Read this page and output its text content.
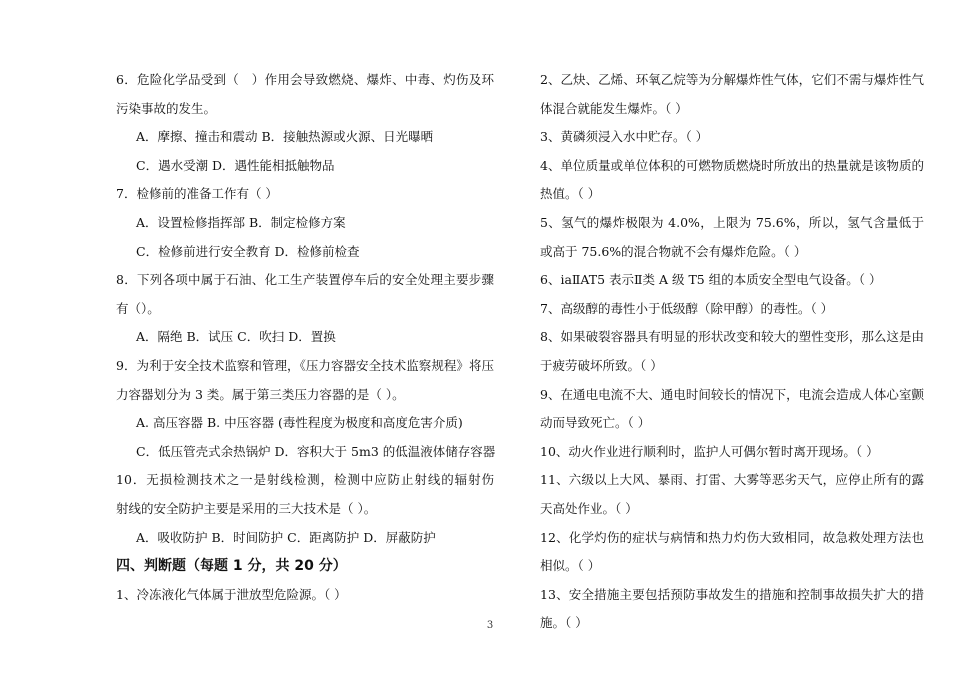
6．危险化学品受到（　）作用会导致燃烧、爆炸、中毒、灼伤及环
污染事故的发生。
A．摩擦、撞击和震动 B．接触热源或火源、日光曝晒
C．遇水受潮 D．遇性能相抵触物品
7．检修前的准备工作有（ ）
A．设置检修指挥部 B．制定检修方案
C．检修前进行安全教育 D．检修前检查
8．下列各项中属于石油、化工生产装置停车后的安全处理主要步骤
有（）。
A．隔绝 B．试压 C．吹扫 D．置换
9．为利于安全技术监察和管理，《压力容器安全技术监察规程》将压
力容器划分为 3 类。属于第三类压力容器的是（ ）。
A. 高压容器 B. 中压容器 (毒性程度为极度和高度危害介质)
C．低压管壳式余热锅炉 D．容积大于 5m3 的低温液体储存容器
10．无损检测技术之一是射线检测，检测中应防止射线的辐射伤
射线的安全防护主要是采用的三大技术是（ ）。
A．吸收防护 B．时间防护 C．距离防护 D．屏蔽防护
四、判断题（每题 1 分，共 20 分）
1、冷冻液化气体属于泄放型危险源。（ ）
2、乙炔、乙烯、环氧乙烷等为分解爆炸性气体，它们不需与爆炸性气
体混合就能发生爆炸。（ ）
3、黄磷须浸入水中贮存。（ ）
4、单位质量或单位体积的可燃物质燃烧时所放出的热量就是该物质的
热值。（ ）
5、氢气的爆炸极限为 4.0%，上限为 75.6%，所以，氢气含量低于
或高于 75.6%的混合物就不会有爆炸危险。（ ）
6、iaⅡAT5 表示Ⅱ类 A 级 T5 组的本质安全型电气设备。（ ）
7、高级醇的毒性小于低级醇（除甲醇）的毒性。（ ）
8、如果破裂容器具有明显的形状改变和较大的塑性变形，那么这是由
于疲劳破坏所致。（ ）
9、在通电电流不大、通电时间较长的情况下，电流会造成人体心室颤
动而导致死亡。（ ）
10、动火作业进行顺利时，监护人可偶尔暂时离开现场。（ ）
11、六级以上大风、暴雨、打雷、大雾等恶劣天气，应停止所有的露
天高处作业。（ ）
12、化学灼伤的症状与病情和热力灼伤大致相同，故急救处理方法也
相似。（ ）
13、安全措施主要包括预防事故发生的措施和控制事故损失扩大的措
施。（ ）
3
